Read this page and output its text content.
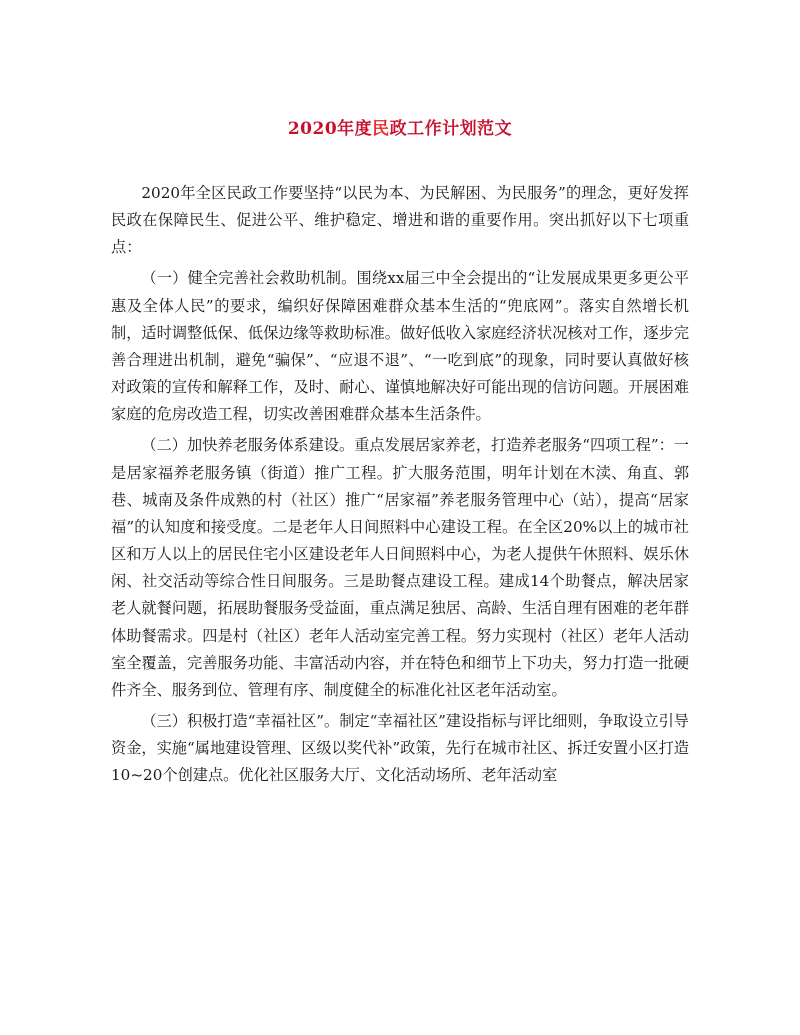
2020年度民政工作计划范文

2020年全区民政工作要坚持“以民为本、为民解困、为民服务”的理念，更好发挥民政在保障民生、促进公平、维护稳定、增进和谐的重要作用。突出抓好以下七项重点：

（一）健全完善社会救助机制。围绕xx届三中全会提出的“让发展成果更多更公平惠及全体人民”的要求，编织好保障困难群众基本生活的“兜底网”。落实自然增长机制，适时调整低保、低保边缘等救助标准。做好低收入家庭经济状况核对工作，逐步完善合理进出机制，避免“骗保”、“应退不退”、“一吃到底”的现象，同时要认真做好核对政策的宣传和解释工作，及时、耐心、谨慎地解决好可能出现的信访问题。开展困难家庭的危房改造工程，切实改善困难群众基本生活条件。

（二）加快养老服务体系建设。重点发展居家养老，打造养老服务“四项工程”：一是居家福养老服务镇（街道）推广工程。扩大服务范围，明年计划在木渎、角直、郭巷、城南及条件成熟的村（社区）推广“居家福”养老服务管理中心（站），提高“居家福”的认知度和接受度。二是老年人日间照料中心建设工程。在全区20%以上的城市社区和万人以上的居民住宅小区建设老年人日间照料中心，为老人提供午休照料、娱乐休闲、社交活动等综合性日间服务。三是助餐点建设工程。建成14个助餐点，解决居家老人就餐问题，拓展助餐服务受益面，重点满足独居、高龄、生活自理有困难的老年群体助餐需求。四是村（社区）老年人活动室完善工程。努力实现村（社区）老年人活动室全覆盖，完善服务功能、丰富活动内容，并在特色和细节上下功夫，努力打造一批硬件齐全、服务到位、管理有序、制度健全的标准化社区老年活动室。

（三）积极打造“幸福社区”。制定“幸福社区”建设指标与评比细则，争取设立引导资金，实施“属地建设管理、区级以奖代补”政策，先行在城市社区、拆迁安置小区打造10~20个创建点。优化社区服务大厅、文化活动场所、老年活动室
